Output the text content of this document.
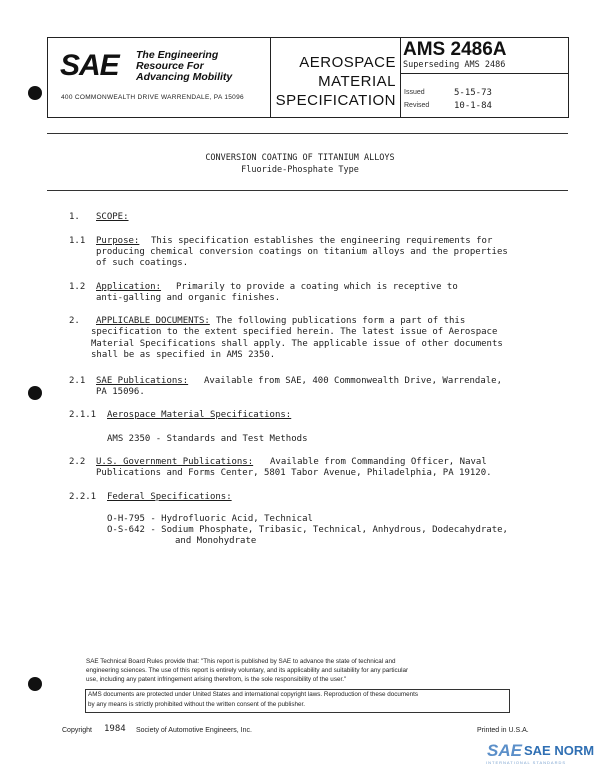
SAE The Engineering
Resource For
Advancing Mobility
400 COMMONWEALTH DRIVE WARRENDALE, PA 15096
AEROSPACE
MATERIAL
SPECIFICATION
AMS 2486A
Superseding AMS 2486
Issued	5-15-73
Revised	10-1-84
CONVERSION COATING OF TITANIUM ALLOYS
Fluoride-Phosphate Type
1. SCOPE:
1.1 Purpose: This specification establishes the engineering requirements for
producing chemical conversion coatings on titanium alloys and the properties
of such coatings.
1.2 Application: Primarily to provide a coating which is receptive to
anti-galling and organic finishes.
2. APPLICABLE DOCUMENTS: The following publications form a part of this
specification to the extent specified herein. The latest issue of Aerospace
Material Specifications shall apply. The applicable issue of other documents
shall be as specified in AMS 2350.
2.1 SAE Publications: Available from SAE, 400 Commonwealth Drive, Warrendale,
PA 15096.
2.1.1 Aerospace Material Specifications:
AMS 2350 - Standards and Test Methods
2.2 U.S. Government Publications: Available from Commanding Officer, Naval
Publications and Forms Center, 5801 Tabor Avenue, Philadelphia, PA 19120.
2.2.1 Federal Specifications:
O-H-795 - Hydrofluoric Acid, Technical
O-S-642 - Sodium Phosphate, Tribasic, Technical, Anhydrous, Dodecahydrate,
and Monohydrate
SAE Technical Board Rules provide that: "This report is published by SAE to advance the state of technical and
engineering sciences. The use of this report is entirely voluntary, and its applicability and suitability for any particular
use, including any patent infringement arising therefrom, is the sole responsibility of the user."
AMS documents are protected under United States and international copyright laws. Reproduction of these documents
by any means is strictly prohibited without the written consent of the publisher.
Copyright 1984 Society of Automotive Engineers, Inc.	Printed in U.S.A.
SAE SAE NORM
INTERNATIONAL STANDARDS
